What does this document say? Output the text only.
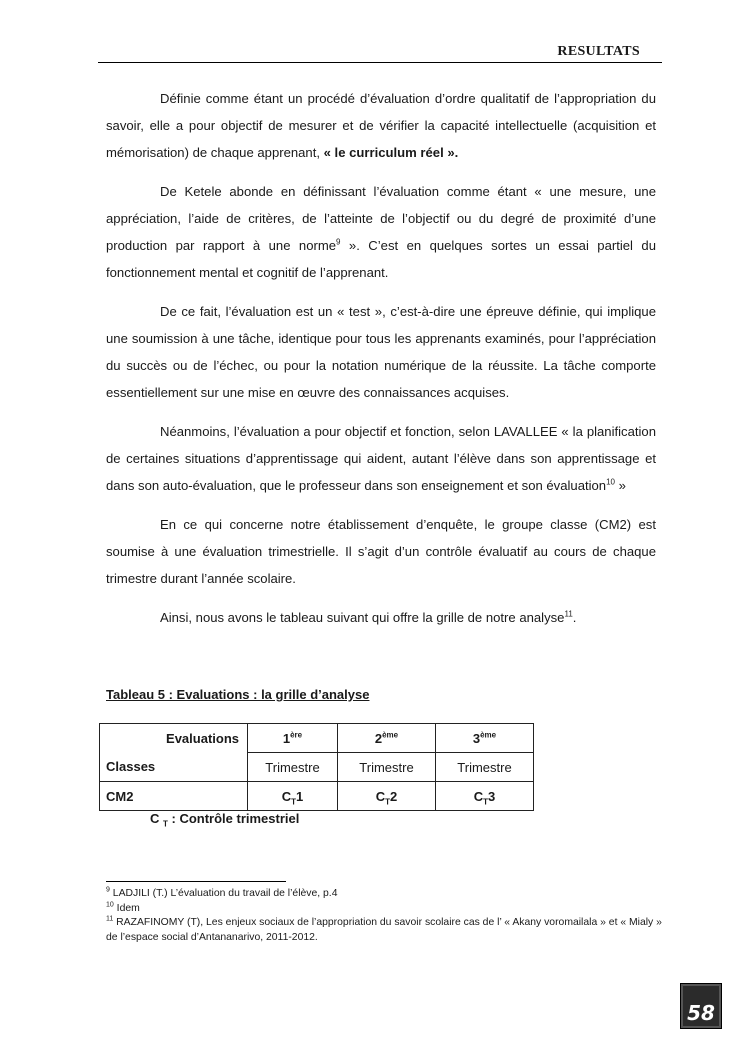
RESULTATS

Définie comme étant un procédé d’évaluation d’ordre qualitatif de l’appropriation du savoir, elle a pour objectif de mesurer et de vérifier la capacité intellectuelle (acquisition et mémorisation) de chaque apprenant, « le curriculum réel ».

De Ketele abonde en définissant l’évaluation comme étant « une mesure, une appréciation, l’aide de critères, de l’atteinte de l’objectif ou du degré de proximité d’une production par rapport à une norme$^9$ ». C’est en quelques sortes un essai partiel du fonctionnement mental et cognitif de l’apprenant.

De ce fait, l’évaluation est un « test », c’est-à-dire une épreuve définie, qui implique une soumission à une tâche, identique pour tous les apprenants examinés, pour l’appréciation du succès ou de l’échec, ou pour la notation numérique de la réussite. La tâche comporte essentiellement sur une mise en œuvre des connaissances acquises.

Néanmoins, l’évaluation a pour objectif et fonction, selon LAVALLEE « la planification de certaines situations d’apprentissage qui aident, autant l’élève dans son apprentissage et dans son auto-évaluation, que le professeur dans son enseignement et son évaluation$^{10}$ »

En ce qui concerne notre établissement d’enquête, le groupe classe (CM2) est soumise à une évaluation trimestrielle. Il s’agit d’un contrôle évaluatif au cours de chaque trimestre durant l’année scolaire.

Ainsi, nous avons le tableau suivant qui offre la grille de notre analyse$^{11}$.

Tableau 5 : Evaluations : la grille d’analyse
Evaluations	1ère	2ème	3ème
Classes	Trimestre	Trimestre	Trimestre
CM2	$C_T1$	$C_T2$	$C_T3$
C $_T$ : Contrôle trimestriel
$^9$ LADJILI (T.) L’évaluation du travail de l’élève, p.4
$^{10}$ Idem
$^{11}$ RAZAFINOMY (T), Les enjeux sociaux de l’appropriation du savoir scolaire cas de l’ « Akany voromailala » et « Mialy » de l’espace social d’Antananarivo, 2011-2012.
58
